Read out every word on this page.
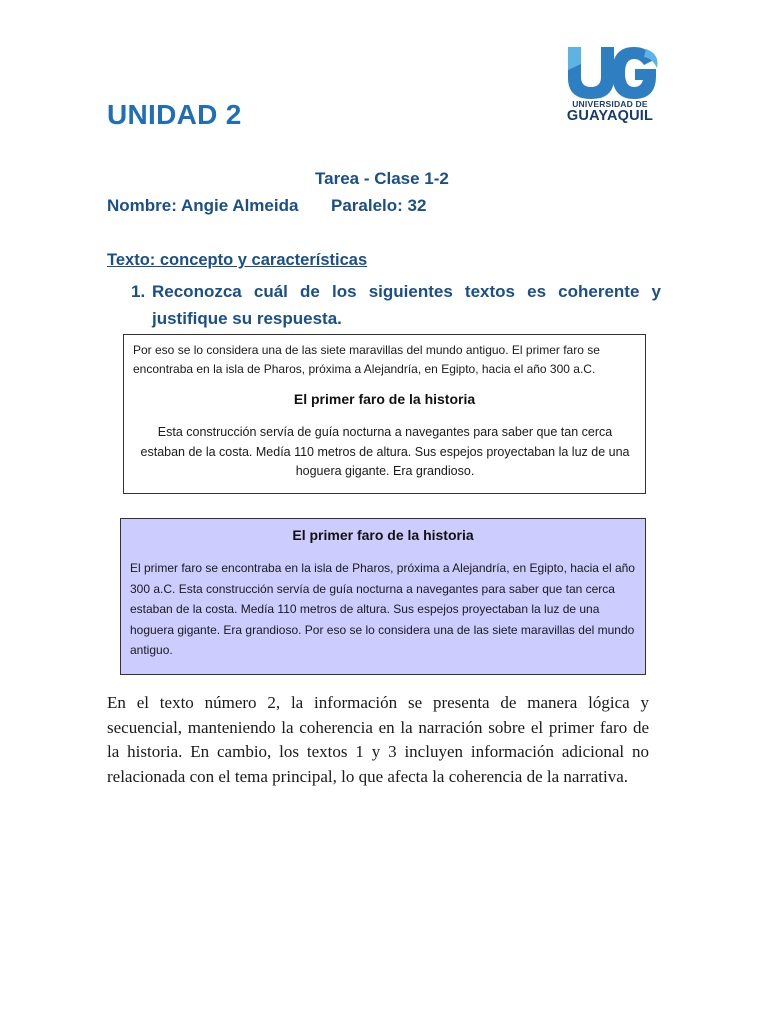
UNIDAD 2	UNIVERSIDAD DE
GUAYAQUIL
Tarea - Clase 1-2
Nombre: Angie Almeida Paralelo: 32
Texto: concepto y características
1. Reconozca cuál de los siguientes textos es coherente y justifique su respuesta.
Por eso se lo considera una de las siete maravillas del mundo antiguo. El primer faro se encontraba en la isla de Pharos, próxima a Alejandría, en Egipto, hacia el año 300 a.C.
El primer faro de la historia
Esta construcción servía de guía nocturna a navegantes para saber que tan cerca estaban de la costa. Medía 110 metros de altura. Sus espejos proyectaban la luz de una hoguera gigante. Era grandioso.
El primer faro de la historia
El primer faro se encontraba en la isla de Pharos, próxima a Alejandría, en Egipto, hacia el año 300 a.C. Esta construcción servía de guía nocturna a navegantes para saber que tan cerca estaban de la costa. Medía 110 metros de altura. Sus espejos proyectaban la luz de una hoguera gigante. Era grandioso. Por eso se lo considera una de las siete maravillas del mundo antiguo.
En el texto número 2, la información se presenta de manera lógica y secuencial, manteniendo la coherencia en la narración sobre el primer faro de la historia. En cambio, los textos 1 y 3 incluyen información adicional no relacionada con el tema principal, lo que afecta la coherencia de la narrativa.
